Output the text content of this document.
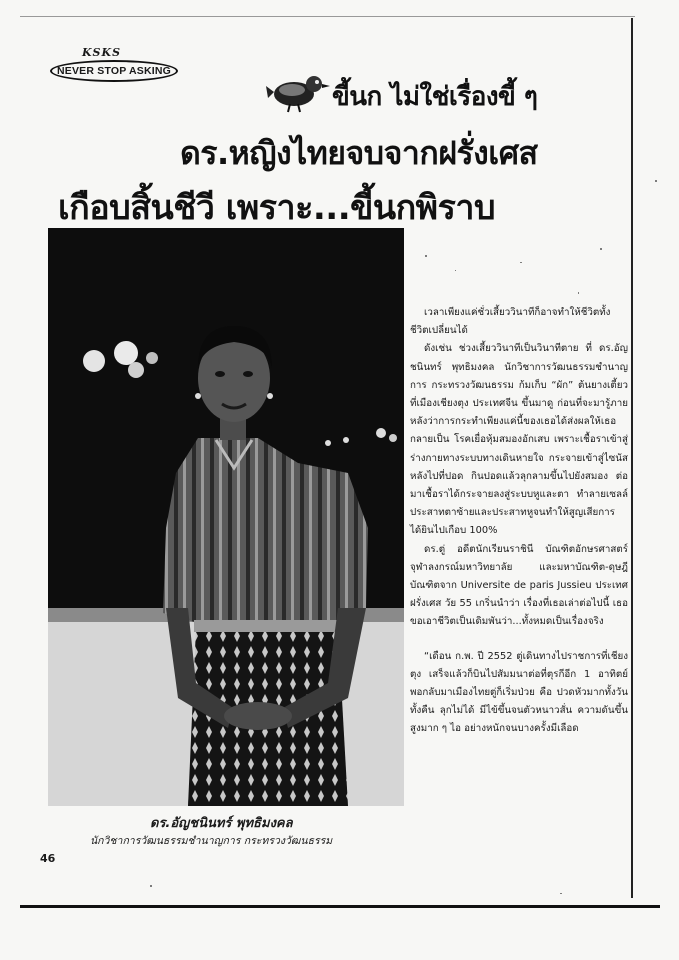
KSKS
NEVER STOP ASKING
ขี้นก ไม่ใช่เรื่องขี้ ๆ
ดร.หญิงไทยจบจากฝรั่งเศส
เกือบสิ้นชีวี เพราะ...ขี้นกพิราบ
ดร.อัญชนินทร์ พุทธิมงคล
นักวิชาการวัฒนธรรมชำนาญการ กระทรวงวัฒนธรรม
46

เวลาเพียงแค่ชั่วเสี้ยววินาทีก็อาจทำให้ชีวิตทั้งชีวิตเปลี่ยนได้

ดังเช่น ช่วงเสี้ยววินาทีเป็นวินาทีตาย ที่ ดร.อัญชนินทร์ พุทธิมงคล นักวิชาการวัฒนธรรมชำนาญการ กระทรวงวัฒนธรรม ก้มเก็บ “ผัก” ต้นยางเตี้ยว ที่เมืองเชียงตุง ประเทศจีน ขึ้นมาดู ก่อนที่จะมารู้ภายหลังว่าการกระทำเพียงแค่นี้ของเธอได้ส่งผลให้เธอกลายเป็น โรคเยื่อหุ้มสมองอักเสบ เพราะเชื้อราเข้าสู่ร่างกายทางระบบทางเดินหายใจ กระจายเข้าสู่ไซนัสหลังไปที่ปอด กินปอดแล้วลุกลามขึ้นไปยังสมอง ต่อมาเชื้อราได้กระจายลงสู่ระบบหูและตา ทำลายเซลล์ประสาทตาซ้ายและประสาทหูจนทำให้สูญเสียการได้ยินไปเกือบ 100%

ดร.ตู่ อดีตนักเรียนราชินี บัณฑิตอักษรศาสตร์ จุฬาลงกรณ์มหาวิทยาลัย และมหาบัณฑิต-ดุษฎีบัณฑิตจาก Universite de paris Jussieu ประเทศฝรั่งเศส วัย 55 เกริ่นนำว่า เรื่องที่เธอเล่าต่อไปนี้ เธอขอเอาชีวิตเป็นเดิมพันว่า...ทั้งหมดเป็นเรื่องจริง

“เดือน ก.พ. ปี 2552 ตู่เดินทางไปราชการที่เชียงตุง เสร็จแล้วก็บินไปสัมมนาต่อที่ตุรกีอีก 1 อาทิตย์ พอกลับมาเมืองไทยตู่ก็เริ่มป่วย คือ ปวดหัวมากทั้งวันทั้งคืน ลุกไม่ได้ มีไข้ขึ้นจนตัวหนาวสั่น ความดันขึ้นสูงมาก ๆ ไอ อย่างหนักจนบางครั้งมีเลือด
